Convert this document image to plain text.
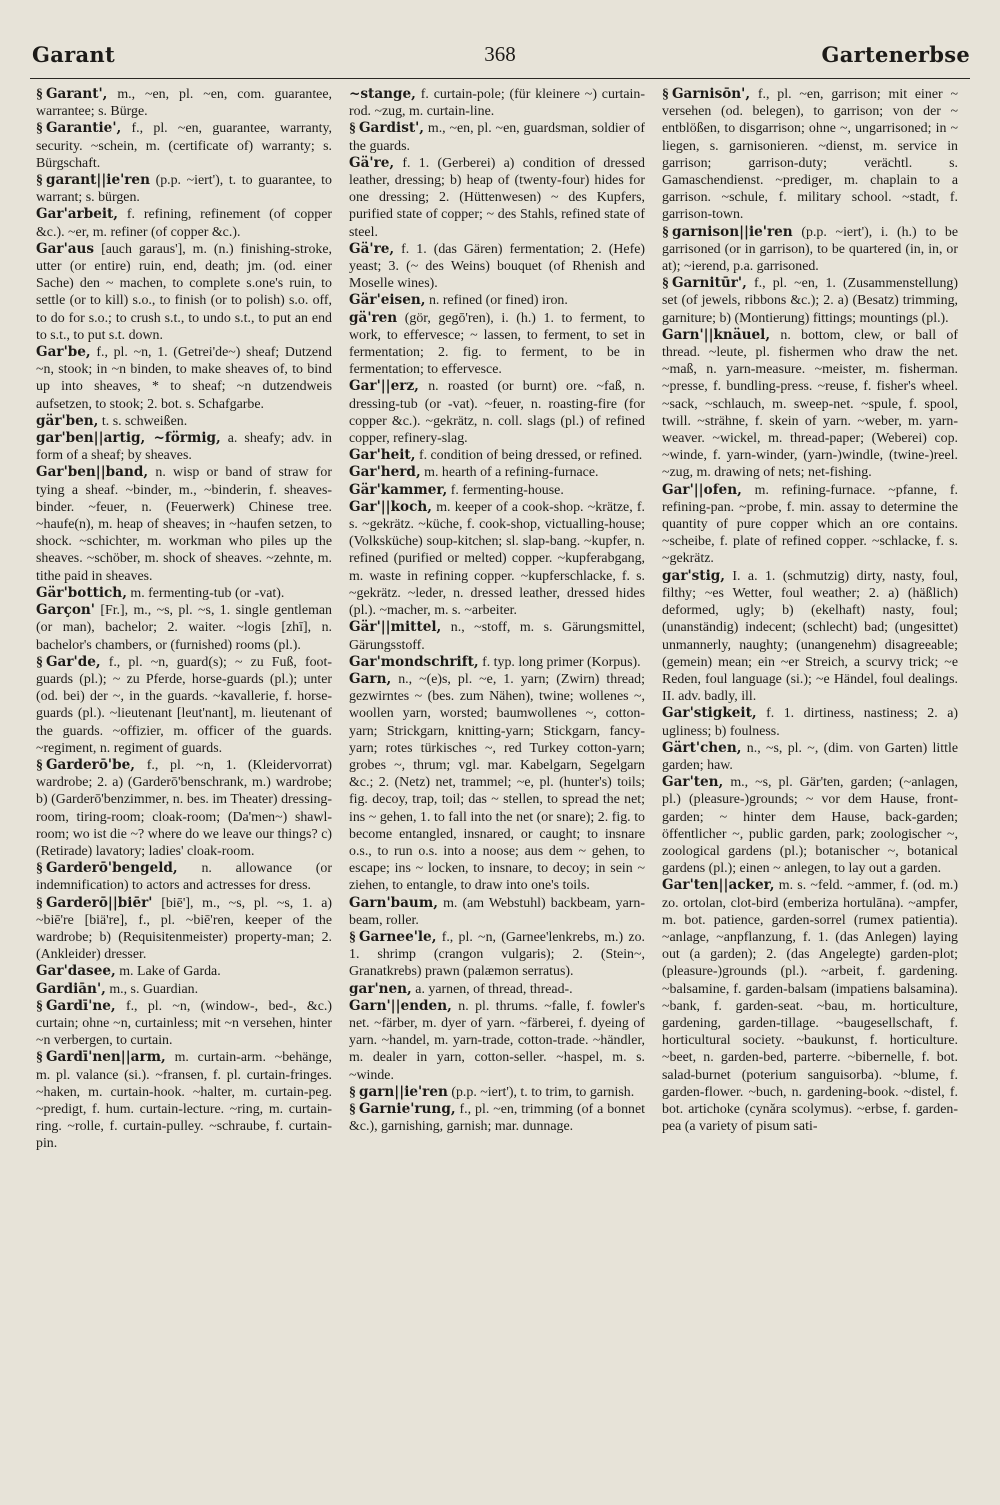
Garant	368	Gartenerbse

§ Garant', m., ~en, pl. ~en, com. guarantee, warrantee; s. Bürge.

§ Garantie', f., pl. ~en, guarantee, warranty, security. ~schein, m. (certificate of) warranty; s. Bürgschaft.

§ garant||ie'ren (p.p. ~iert'), t. to guarantee, to warrant; s. bürgen.

Gar'arbeit, f. refining, refinement (of copper &c.). ~er, m. refiner (of copper &c.).

Gar'aus [auch garaus'], m. (n.) finishing-stroke, utter (or entire) ruin, end, death; jm. (od. einer Sache) den ~ machen, to complete s.one's ruin, to settle (or to kill) s.o., to finish (or to polish) s.o. off, to do for s.o.; to crush s.t., to undo s.t., to put an end to s.t., to put s.t. down.

Gar'be, f., pl. ~n, 1. (Getrei'de~) sheaf; Dutzend ~n, stook; in ~n binden, to make sheaves of, to bind up into sheaves, * to sheaf; ~n dutzendweis aufsetzen, to stook; 2. bot. s. Schafgarbe.

gär'ben, t. s. schweißen.

gar'ben||artig, ~förmig, a. sheafy; adv. in form of a sheaf; by sheaves.

Gar'ben||band, n. wisp or band of straw for tying a sheaf. ~binder, m., ~binderin, f. sheaves-binder. ~feuer, n. (Feuerwerk) Chinese tree. ~haufe(n), m. heap of sheaves; in ~haufen setzen, to shock. ~schichter, m. workman who piles up the sheaves. ~schöber, m. shock of sheaves. ~zehnte, m. tithe paid in sheaves.

Gär'bottich, m. fermenting-tub (or -vat).

Garçon' [Fr.], m., ~s, pl. ~s, 1. single gentleman (or man), bachelor; 2. waiter. ~logis [zhī], n. bachelor's chambers, or (furnished) rooms (pl.).

§ Gar'de, f., pl. ~n, guard(s); ~ zu Fuß, foot-guards (pl.); ~ zu Pferde, horse-guards (pl.); unter (od. bei) der ~, in the guards. ~kavallerie, f. horse-guards (pl.). ~lieutenant [leut'nant], m. lieutenant of the guards. ~offizier, m. officer of the guards. ~regiment, n. regiment of guards.

§ Garderō'be, f., pl. ~n, 1. (Kleidervorrat) wardrobe; 2. a) (Garderō'benschrank, m.) wardrobe; b) (Garderō'benzimmer, n. bes. im Theater) dressing-room, tiring-room; cloak-room; (Da'men~) shawl-room; wo ist die ~? where do we leave our things? c) (Retirade) lavatory; ladies' cloak-room.

§ Garderō'bengeld, n. allowance (or indemnification) to actors and actresses for dress.

§ Garderō||biēr' [biē'], m., ~s, pl. ~s, 1. a) ~biē're [biä're], f., pl. ~biē'ren, keeper of the wardrobe; b) (Requisitenmeister) property-man; 2. (Ankleider) dresser.

Gar'dasee, m. Lake of Garda.

Gardiān', m., s. Guardian.

§ Gardī'ne, f., pl. ~n, (window-, bed-, &c.) curtain; ohne ~n, curtainless; mit ~n versehen, hinter ~n verbergen, to curtain.

§ Gardī'nen||arm, m. curtain-arm. ~behänge, m. pl. valance (si.). ~fransen, f. pl. curtain-fringes. ~haken, m. curtain-hook. ~halter, m. curtain-peg. ~predigt, f. hum. curtain-lecture. ~ring, m. curtain-ring. ~rolle, f. curtain-pulley. ~schraube, f. curtain-pin.

~stange, f. curtain-pole; (für kleinere ~) curtain-rod. ~zug, m. curtain-line.

§ Gardist', m., ~en, pl. ~en, guardsman, soldier of the guards.

Gä're, f. 1. (Gerberei) a) condition of dressed leather, dressing; b) heap of (twenty-four) hides for one dressing; 2. (Hüttenwesen) ~ des Kupfers, purified state of copper; ~ des Stahls, refined state of steel.

Gä're, f. 1. (das Gären) fermentation; 2. (Hefe) yeast; 3. (~ des Weins) bouquet (of Rhenish and Moselle wines).

Gär'eisen, n. refined (or fined) iron.

gä'ren (gör, gegō'ren), i. (h.) 1. to ferment, to work, to effervesce; ~ lassen, to ferment, to set in fermentation; 2. fig. to ferment, to be in fermentation; to effervesce.

Gar'||erz, n. roasted (or burnt) ore. ~faß, n. dressing-tub (or -vat). ~feuer, n. roasting-fire (for copper &c.). ~gekrätz, n. coll. slags (pl.) of refined copper, refinery-slag.

Gar'heit, f. condition of being dressed, or refined.

Gar'herd, m. hearth of a refining-furnace.

Gär'kammer, f. fermenting-house.

Gar'||koch, m. keeper of a cook-shop. ~krätze, f. s. ~gekrätz. ~küche, f. cook-shop, victualling-house; (Volksküche) soup-kitchen; sl. slap-bang. ~kupfer, n. refined (purified or melted) copper. ~kupferabgang, m. waste in refining copper. ~kupferschlacke, f. s. ~gekrätz. ~leder, n. dressed leather, dressed hides (pl.). ~macher, m. s. ~arbeiter.

Gär'||mittel, n., ~stoff, m. s. Gärungsmittel, Gärungsstoff.

Gar'mondschrift, f. typ. long primer (Korpus).

Garn, n., ~(e)s, pl. ~e, 1. yarn; (Zwirn) thread; gezwirntes ~ (bes. zum Nähen), twine; wollenes ~, woollen yarn, worsted; baumwollenes ~, cotton-yarn; Strickgarn, knitting-yarn; Stickgarn, fancy-yarn; rotes türkisches ~, red Turkey cotton-yarn; grobes ~, thrum; vgl. mar. Kabelgarn, Segelgarn &c.; 2. (Netz) net, trammel; ~e, pl. (hunter's) toils; fig. decoy, trap, toil; das ~ stellen, to spread the net; ins ~ gehen, 1. to fall into the net (or snare); 2. fig. to become entangled, insnared, or caught; to insnare o.s., to run o.s. into a noose; aus dem ~ gehen, to escape; ins ~ locken, to insnare, to decoy; in sein ~ ziehen, to entangle, to draw into one's toils.

Garn'baum, m. (am Webstuhl) backbeam, yarn-beam, roller.

§ Garnee'le, f., pl. ~n, (Garnee'lenkrebs, m.) zo. 1. shrimp (crangon vulgaris); 2. (Stein~, Granatkrebs) prawn (palæmon serratus).

gar'nen, a. yarnen, of thread, thread-.

Garn'||enden, n. pl. thrums. ~falle, f. fowler's net. ~färber, m. dyer of yarn. ~färberei, f. dyeing of yarn. ~handel, m. yarn-trade, cotton-trade. ~händler, m. dealer in yarn, cotton-seller. ~haspel, m. s. ~winde.

§ garn||ie'ren (p.p. ~iert'), t. to trim, to garnish.

§ Garnie'rung, f., pl. ~en, trimming (of a bonnet &c.), garnishing, garnish; mar. dunnage.

§ Garnisōn', f., pl. ~en, garrison; mit einer ~ versehen (od. belegen), to garrison; von der ~ entblößen, to disgarrison; ohne ~, ungarrisoned; in ~ liegen, s. garnisonieren. ~dienst, m. service in garrison; garrison-duty; verächtl. s. Gamaschendienst. ~prediger, m. chaplain to a garrison. ~schule, f. military school. ~stadt, f. garrison-town.

§ garnison||ie'ren (p.p. ~iert'), i. (h.) to be garrisoned (or in garrison), to be quartered (in, in, or at); ~ierend, p.a. garrisoned.

§ Garnitūr', f., pl. ~en, 1. (Zusammenstellung) set (of jewels, ribbons &c.); 2. a) (Besatz) trimming, garniture; b) (Montierung) fittings; mountings (pl.).

Garn'||knäuel, n. bottom, clew, or ball of thread. ~leute, pl. fishermen who draw the net. ~maß, n. yarn-measure. ~meister, m. fisherman. ~presse, f. bundling-press. ~reuse, f. fisher's wheel. ~sack, ~schlauch, m. sweep-net. ~spule, f. spool, twill. ~strähne, f. skein of yarn. ~weber, m. yarn-weaver. ~wickel, m. thread-paper; (Weberei) cop. ~winde, f. yarn-winder, (yarn-)windle, (twine-)reel. ~zug, m. drawing of nets; net-fishing.

Gar'||ofen, m. refining-furnace. ~pfanne, f. refining-pan. ~probe, f. min. assay to determine the quantity of pure copper which an ore contains. ~scheibe, f. plate of refined copper. ~schlacke, f. s. ~gekrätz.

gar'stig, I. a. 1. (schmutzig) dirty, nasty, foul, filthy; ~es Wetter, foul weather; 2. a) (häßlich) deformed, ugly; b) (ekelhaft) nasty, foul; (unanständig) indecent; (schlecht) bad; (ungesittet) unmannerly, naughty; (unangenehm) disagreeable; (gemein) mean; ein ~er Streich, a scurvy trick; ~e Reden, foul language (si.); ~e Händel, foul dealings. II. adv. badly, ill.

Gar'stigkeit, f. 1. dirtiness, nastiness; 2. a) ugliness; b) foulness.

Gärt'chen, n., ~s, pl. ~, (dim. von Garten) little garden; haw.

Gar'ten, m., ~s, pl. Gär'ten, garden; (~anlagen, pl.) (pleasure-)grounds; ~ vor dem Hause, front-garden; ~ hinter dem Hause, back-garden; öffentlicher ~, public garden, park; zoologischer ~, zoological gardens (pl.); botanischer ~, botanical gardens (pl.); einen ~ anlegen, to lay out a garden.

Gar'ten||acker, m. s. ~feld. ~ammer, f. (od. m.) zo. ortolan, clot-bird (emberiza hortulāna). ~ampfer, m. bot. patience, garden-sorrel (rumex patientia). ~anlage, ~anpflanzung, f. 1. (das Anlegen) laying out (a garden); 2. (das Angelegte) garden-plot; (pleasure-)grounds (pl.). ~arbeit, f. gardening. ~balsamine, f. garden-balsam (impatiens balsamina). ~bank, f. garden-seat. ~bau, m. horticulture, gardening, garden-tillage. ~baugesellschaft, f. horticultural society. ~baukunst, f. horticulture. ~beet, n. garden-bed, parterre. ~bibernelle, f. bot. salad-burnet (poterium sanguisorba). ~blume, f. garden-flower. ~buch, n. gardening-book. ~distel, f. bot. artichoke (cynăra scolymus). ~erbse, f. garden-pea (a variety of pisum sati-
